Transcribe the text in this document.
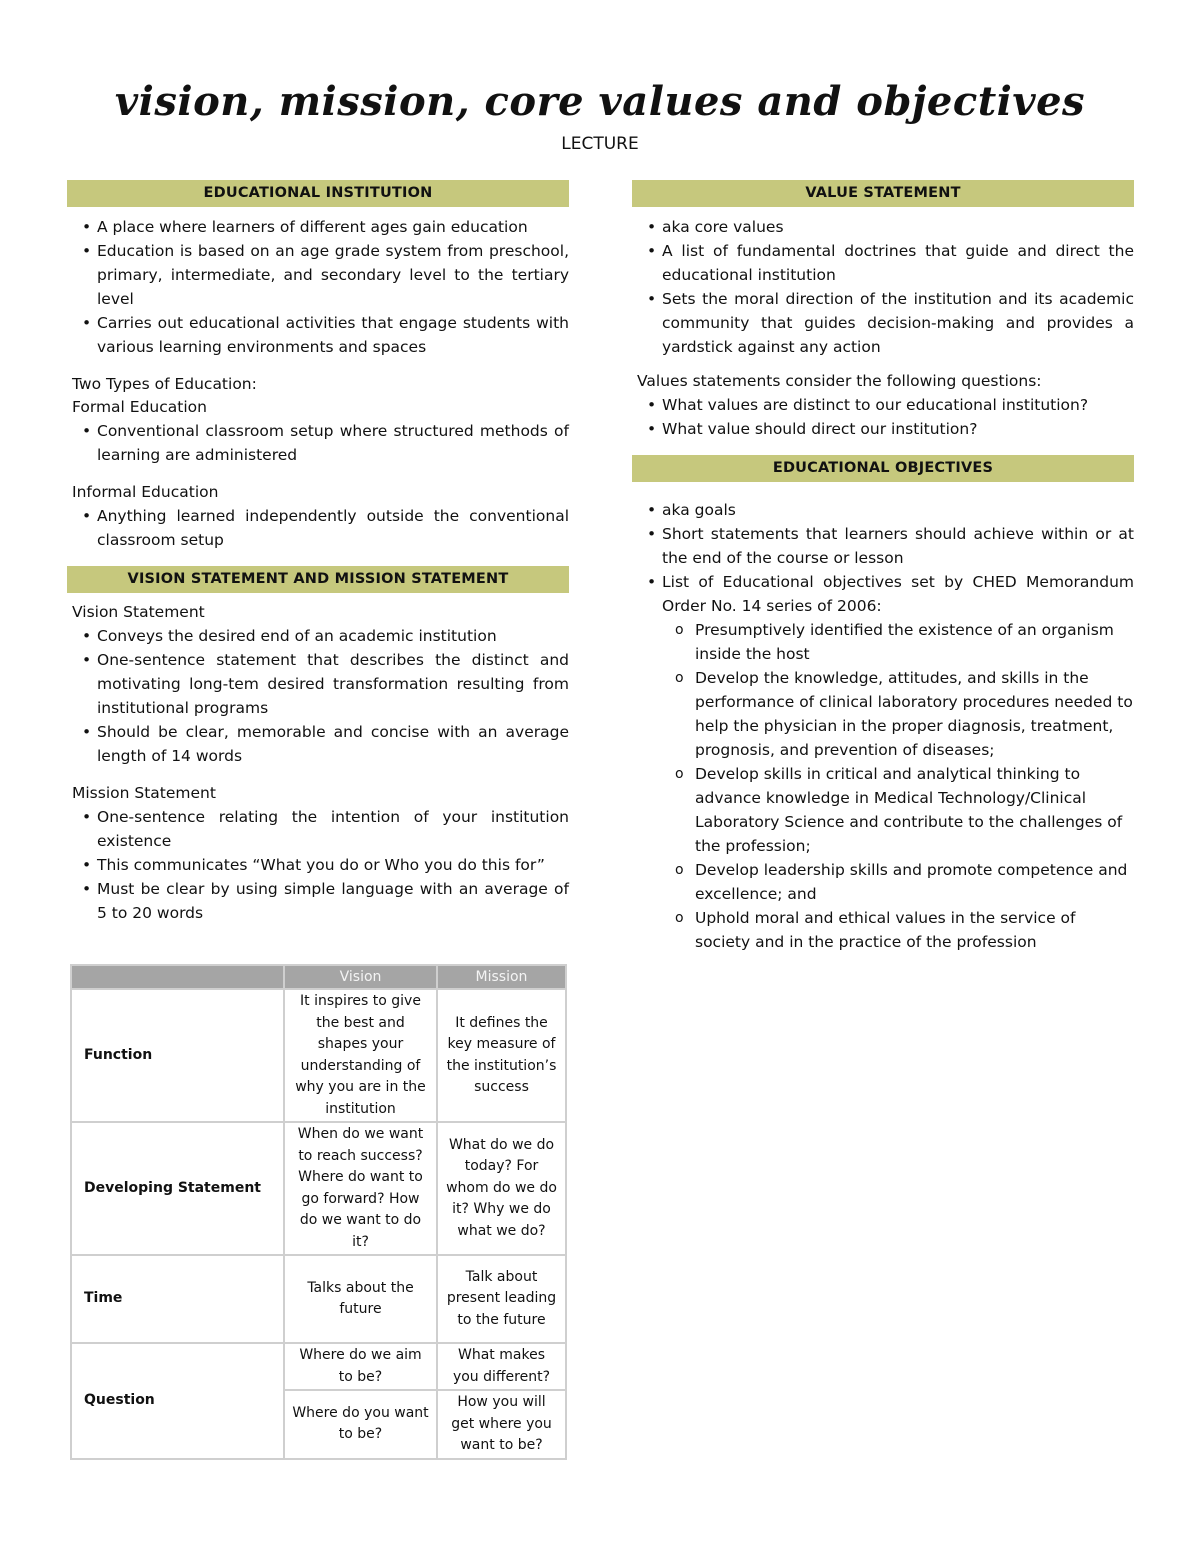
vision, mission, core values and objectives
LECTURE
EDUCATIONAL INSTITUTION
• A place where learners of different ages gain education
• Education is based on an age grade system from preschool, primary, intermediate, and secondary level to the tertiary level
• Carries out educational activities that engage students with various learning environments and spaces
Two Types of Education:
Formal Education
• Conventional classroom setup where structured methods of learning are administered
Informal Education
• Anything learned independently outside the conventional classroom setup
VISION STATEMENT AND MISSION STATEMENT
Vision Statement
• Conveys the desired end of an academic institution
• One-sentence statement that describes the distinct and motivating long-tem desired transformation resulting from institutional programs
• Should be clear, memorable and concise with an average length of 14 words
Mission Statement
• One-sentence relating the intention of your institution existence
• This communicates “What you do or Who you do this for”
• Must be clear by using simple language with an average of 5 to 20 words
	Vision	Mission
Function	It inspires to give the best and shapes your understanding of why you are in the institution	It defines the key measure of the institution’s success
Developing Statement	When do we want to reach success? Where do want to go forward? How do we want to do it?	What do we do today? For whom do we do it? Why we do what we do?
Time	Talks about the future	Talk about present leading to the future
Question	Where do we aim to be?	What makes you different?
	Where do you want to be?	How you will get where you want to be?
VALUE STATEMENT
• aka core values
• A list of fundamental doctrines that guide and direct the educational institution
• Sets the moral direction of the institution and its academic community that guides decision-making and provides a yardstick against any action
Values statements consider the following questions:
• What values are distinct to our educational institution?
• What value should direct our institution?
EDUCATIONAL OBJECTIVES
• aka goals
• Short statements that learners should achieve within or at the end of the course or lesson
• List of Educational objectives set by CHED Memorandum Order No. 14 series of 2006:
o Presumptively identified the existence of an organism inside the host
o Develop the knowledge, attitudes, and skills in the performance of clinical laboratory procedures needed to help the physician in the proper diagnosis, treatment, prognosis, and prevention of diseases;
o Develop skills in critical and analytical thinking to advance knowledge in Medical Technology/Clinical Laboratory Science and contribute to the challenges of the profession;
o Develop leadership skills and promote competence and excellence; and
o Uphold moral and ethical values in the service of society and in the practice of the profession
